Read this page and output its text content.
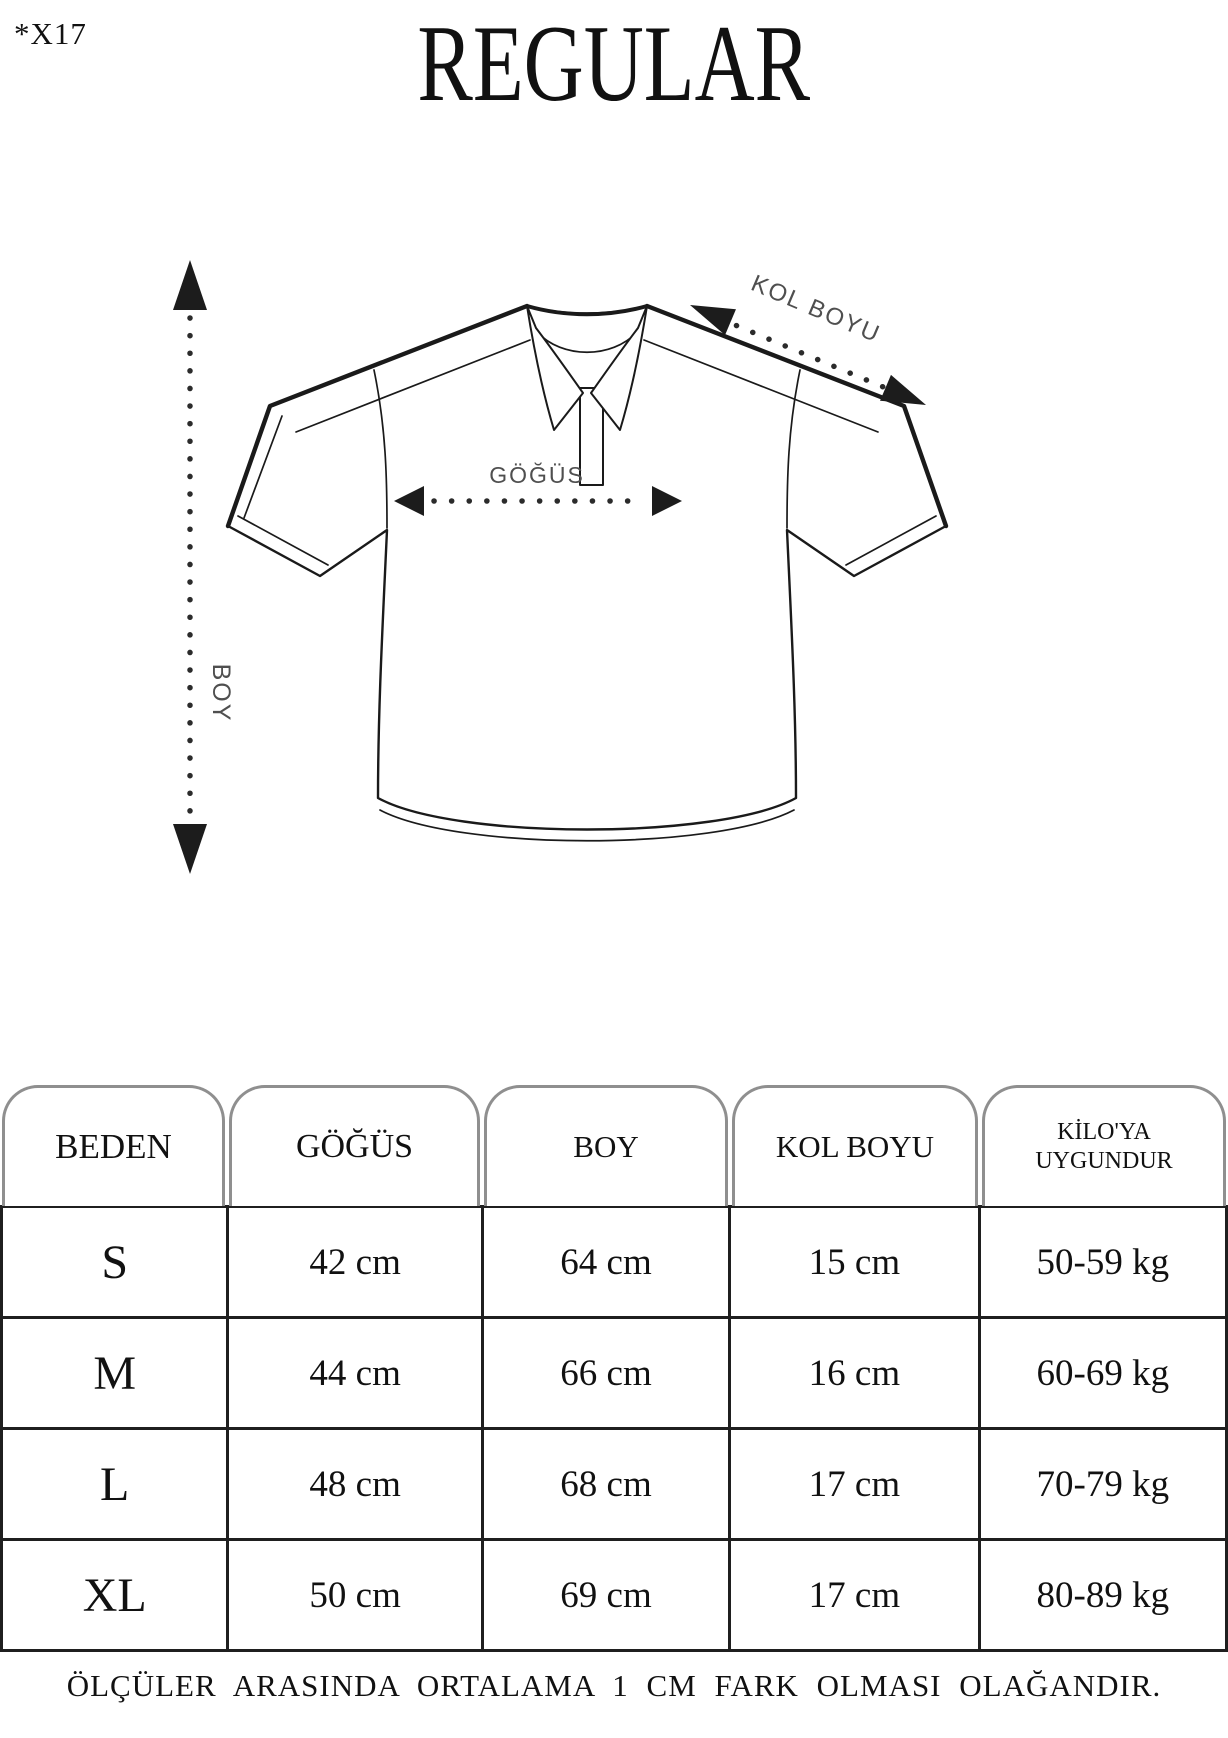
*X17	REGULAR
BOY
GÖĞÜS
KOL BOYU
BEDEN	GÖĞÜS	BOY	KOL BOYU	KİLO'YA UYGUNDUR
S	42 cm	64 cm	15 cm	50-59 kg
M	44 cm	66 cm	16 cm	60-69 kg
L	48 cm	68 cm	17 cm	70-79 kg
XL	50 cm	69 cm	17 cm	80-89 kg
ÖLÇÜLER ARASINDA ORTALAMA 1 CM FARK OLMASI OLAĞANDIR.
